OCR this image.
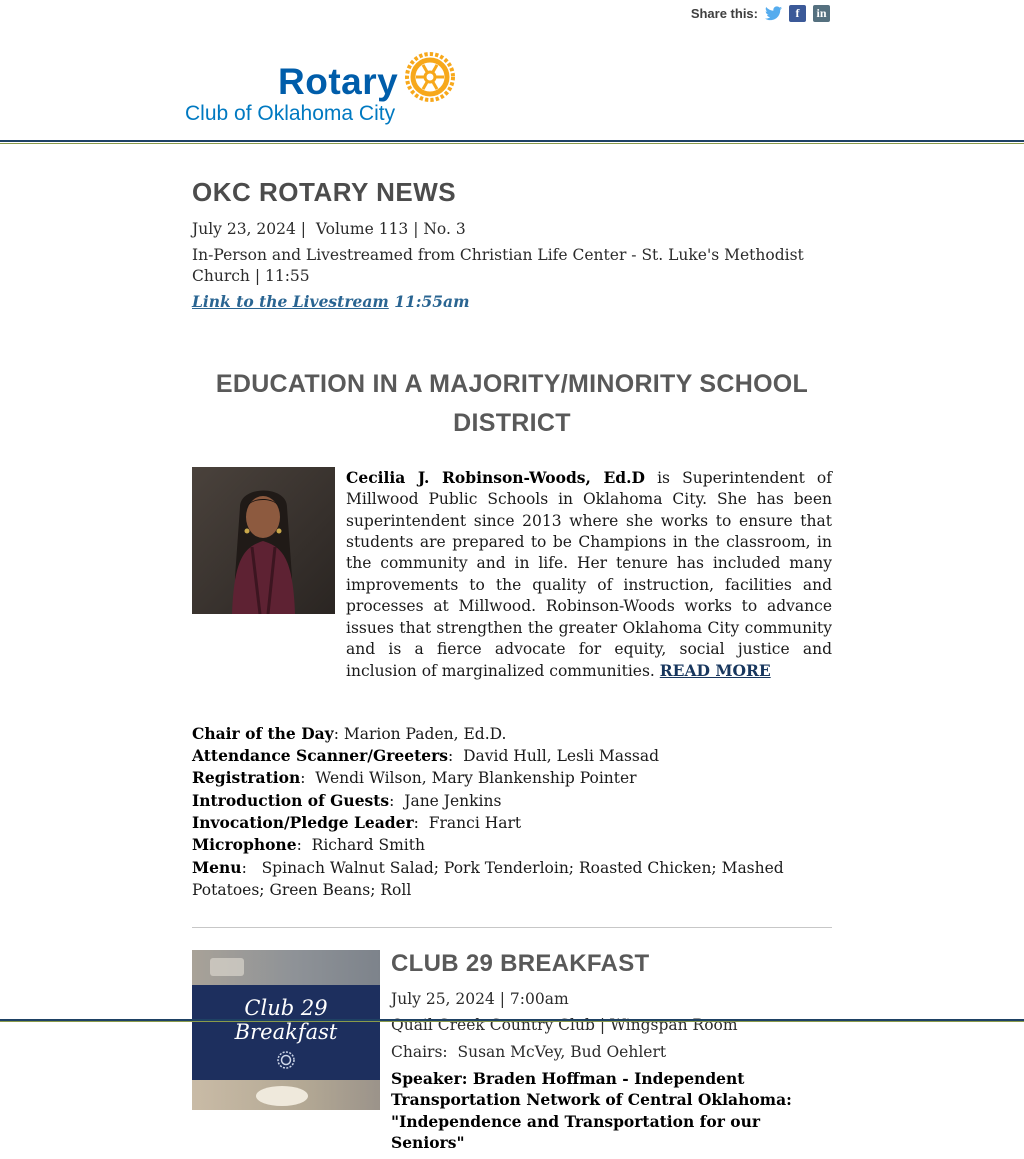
Share this:	f	in
Rotary
Club of Oklahoma City
OKC ROTARY NEWS

July 23, 2024 |  Volume 113 | No. 3

In-Person and Livestreamed from Christian Life Center - St. Luke's Methodist Church | 11:55

Link to the Livestream 11:55am

EDUCATION IN A MAJORITY/MINORITY SCHOOL DISTRICT

Cecilia J. Robinson-Woods, Ed.D is Superintendent of Millwood Public Schools in Oklahoma City. She has been superintendent since 2013 where she works to ensure that students are prepared to be Champions in the classroom, in the community and in life. Her tenure has included many improvements to the quality of instruction, facilities and processes at Millwood. Robinson-Woods works to advance issues that strengthen the greater Oklahoma City community and is a fierce advocate for equity, social justice and inclusion of marginalized communities. READ MORE

Chair of the Day: Marion Paden, Ed.D.

Attendance Scanner/Greeters:  David Hull, Lesli Massad

Registration:  Wendi Wilson, Mary Blankenship Pointer

Introduction of Guests:  Jane Jenkins

Invocation/Pledge Leader:  Franci Hart

Microphone:  Richard Smith

Menu:   Spinach Walnut Salad; Pork Tenderloin; Roasted Chicken; Mashed Potatoes; Green Beans; Roll

Club 29 Breakfast
CLUB 29 BREAKFAST

July 25, 2024 | 7:00am

Quail Creek Country Club | Wingspan Room

Chairs:  Susan McVey, Bud Oehlert

Speaker: Braden Hoffman - Independent Transportation Network of Central Oklahoma: "Independence and Transportation for our Seniors"
